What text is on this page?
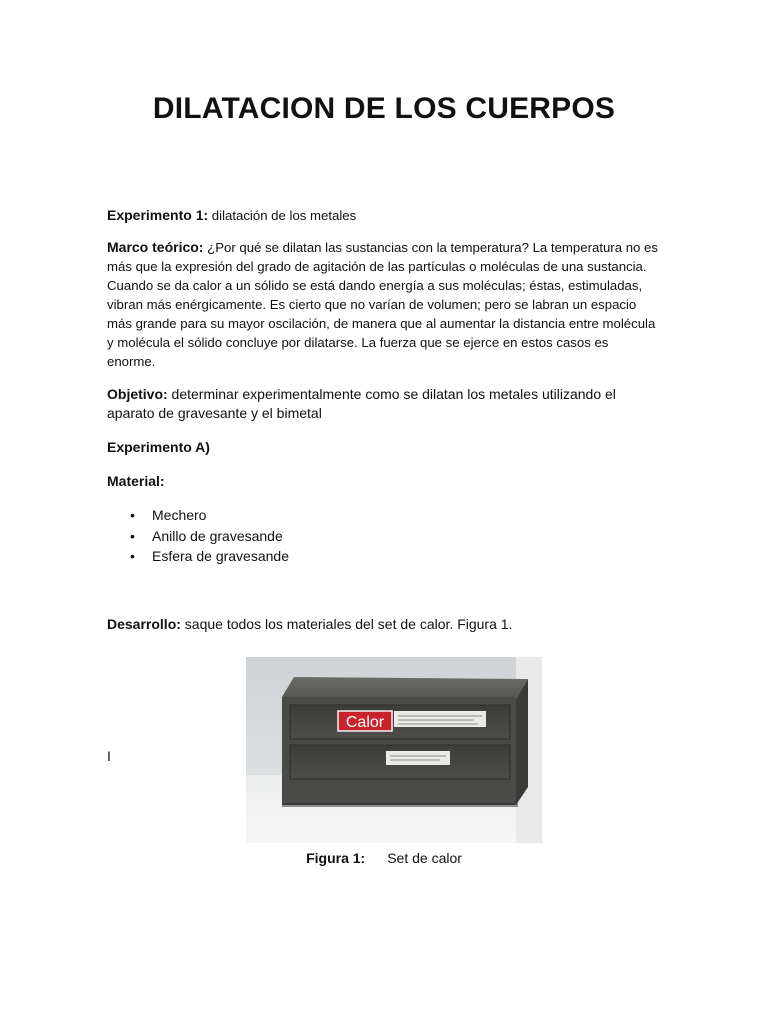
DILATACION DE LOS CUERPOS

Experimento 1: dilatación de los metales

Marco teórico: ¿Por qué se dilatan las sustancias con la temperatura? La temperatura no es más que la expresión del grado de agitación de las partículas o moléculas de una sustancia. Cuando se da calor a un sólido se está dando energía a sus moléculas; éstas, estimuladas, vibran más enérgicamente. Es cierto que no varían de volumen; pero se labran un espacio más grande para su mayor oscilación, de manera que al aumentar la distancia entre molécula y molécula el sólido concluye por dilatarse. La fuerza que se ejerce en estos casos es enorme.

Objetivo: determinar experimentalmente como se dilatan los metales utilizando el aparato de gravesante y el bimetal

Experimento A)

Material:

• Mechero
• Anillo de gravesande
• Esfera de gravesande

Desarrollo: saque todos los materiales del set de calor. Figura 1.

I
Calor
Figura 1: Set de calor
